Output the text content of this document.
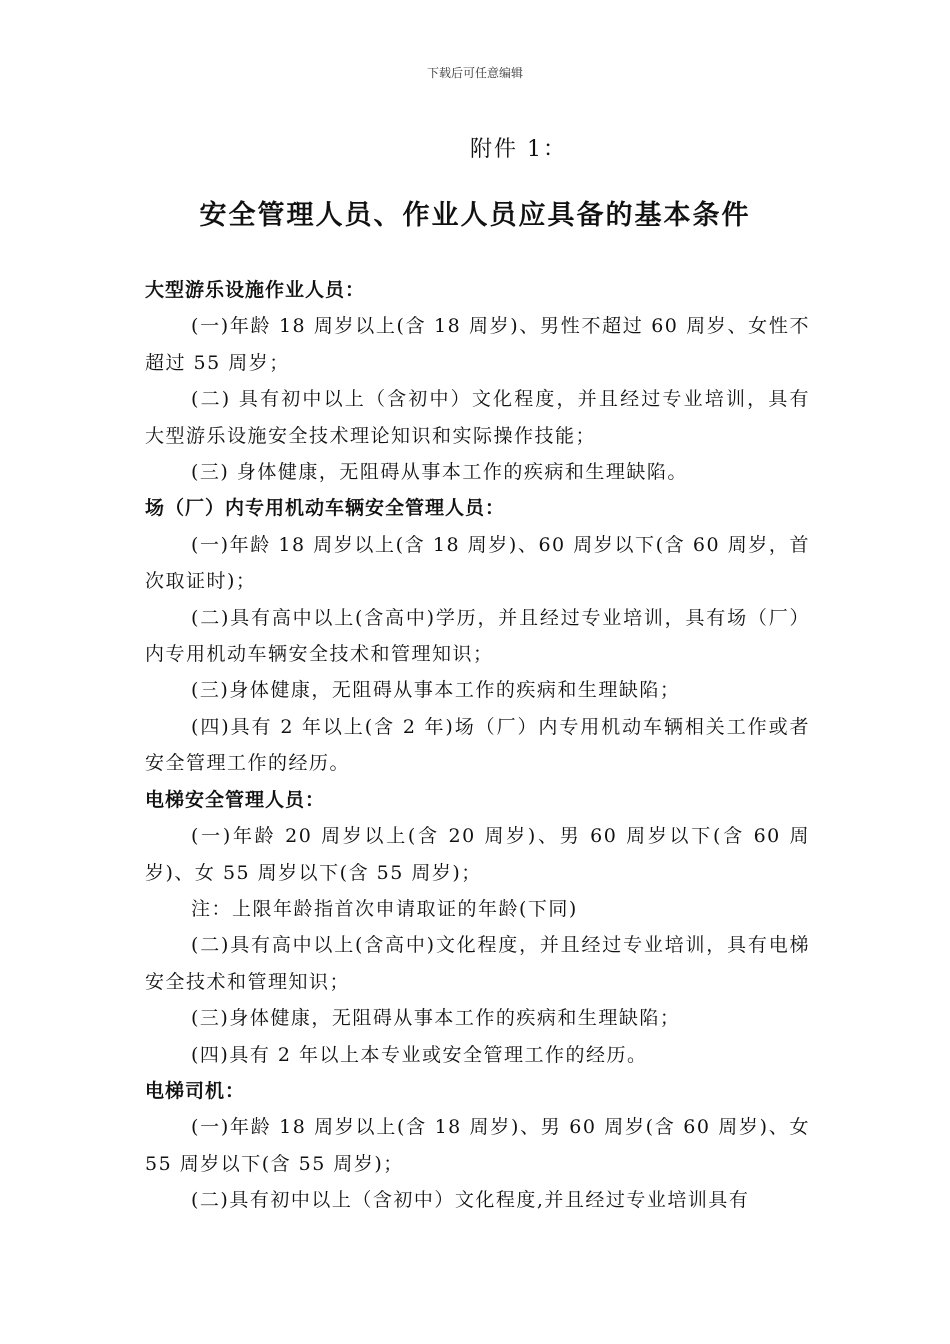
下载后可任意编辑
附件 1：
安全管理人员、作业人员应具备的基本条件
大型游乐设施作业人员：
(一)年龄 18 周岁以上(含 18 周岁)、男性不超过 60 周岁、女性不超过 55 周岁；
(二) 具有初中以上（含初中）文化程度，并且经过专业培训，具有大型游乐设施安全技术理论知识和实际操作技能；
(三) 身体健康，无阻碍从事本工作的疾病和生理缺陷。
场（厂）内专用机动车辆安全管理人员：
(一)年龄 18 周岁以上(含 18 周岁)、60 周岁以下(含 60 周岁，首次取证时)；
(二)具有高中以上(含高中)学历，并且经过专业培训，具有场（厂）内专用机动车辆安全技术和管理知识；
(三)身体健康，无阻碍从事本工作的疾病和生理缺陷；
(四)具有 2 年以上(含 2 年)场（厂）内专用机动车辆相关工作或者安全管理工作的经历。
电梯安全管理人员：
(一)年龄 20 周岁以上(含 20 周岁)、男 60 周岁以下(含 60 周岁)、女 55 周岁以下(含 55 周岁)；
注：上限年龄指首次申请取证的年龄(下同)
(二)具有高中以上(含高中)文化程度，并且经过专业培训，具有电梯安全技术和管理知识；
(三)身体健康，无阻碍从事本工作的疾病和生理缺陷；
(四)具有 2 年以上本专业或安全管理工作的经历。
电梯司机：
(一)年龄 18 周岁以上(含 18 周岁)、男 60 周岁(含 60 周岁)、女 55 周岁以下(含 55 周岁)；
(二)具有初中以上（含初中）文化程度,并且经过专业培训具有
